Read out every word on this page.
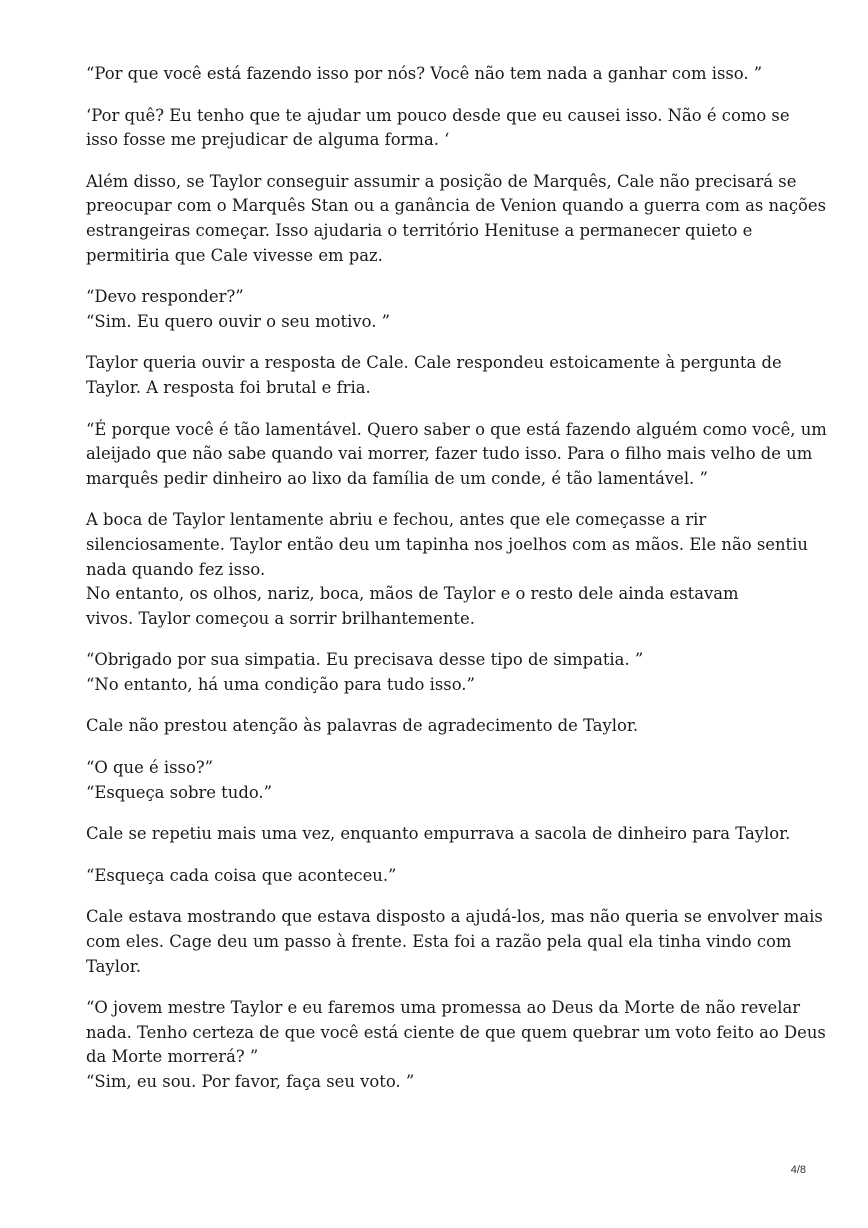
“Por que você está fazendo isso por nós? Você não tem nada a ganhar com isso. ”

‘Por quê? Eu tenho que te ajudar um pouco desde que eu causei isso. Não é como se
isso fosse me prejudicar de alguma forma. ‘

Além disso, se Taylor conseguir assumir a posição de Marquês, Cale não precisará se
preocupar com o Marquês Stan ou a ganância de Venion quando a guerra com as nações
estrangeiras começar. Isso ajudaria o território Henituse a permanecer quieto e
permitiria que Cale vivesse em paz.

“Devo responder?”
“Sim. Eu quero ouvir o seu motivo. ”

Taylor queria ouvir a resposta de Cale. Cale respondeu estoicamente à pergunta de
Taylor. A resposta foi brutal e fria.

“É porque você é tão lamentável. Quero saber o que está fazendo alguém como você, um
aleijado que não sabe quando vai morrer, fazer tudo isso. Para o filho mais velho de um
marquês pedir dinheiro ao lixo da família de um conde, é tão lamentável. ”

A boca de Taylor lentamente abriu e fechou, antes que ele começasse a rir
silenciosamente. Taylor então deu um tapinha nos joelhos com as mãos. Ele não sentiu
nada quando fez isso.
No entanto, os olhos, nariz, boca, mãos de Taylor e o resto dele ainda estavam
vivos. Taylor começou a sorrir brilhantemente.

“Obrigado por sua simpatia. Eu precisava desse tipo de simpatia. ”
“No entanto, há uma condição para tudo isso.”

Cale não prestou atenção às palavras de agradecimento de Taylor.

“O que é isso?”
“Esqueça sobre tudo.”

Cale se repetiu mais uma vez, enquanto empurrava a sacola de dinheiro para Taylor.

“Esqueça cada coisa que aconteceu.”

Cale estava mostrando que estava disposto a ajudá-los, mas não queria se envolver mais
com eles. Cage deu um passo à frente. Esta foi a razão pela qual ela tinha vindo com
Taylor.

“O jovem mestre Taylor e eu faremos uma promessa ao Deus da Morte de não revelar
nada. Tenho certeza de que você está ciente de que quem quebrar um voto feito ao Deus
da Morte morrerá? ”
“Sim, eu sou. Por favor, faça seu voto. ”

4/8
